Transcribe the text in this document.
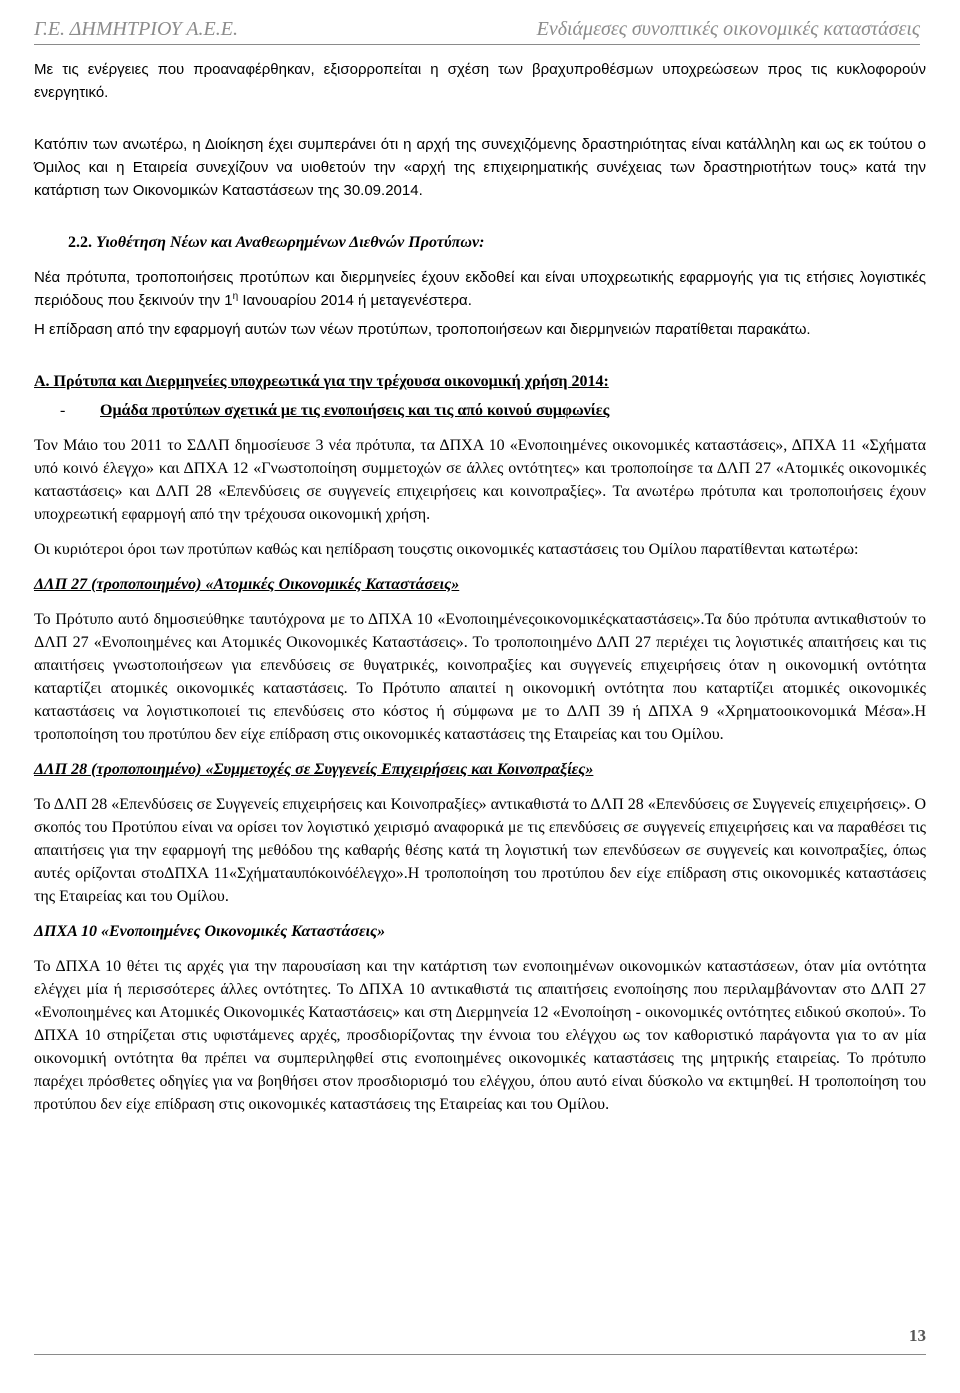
Γ.Ε. ΔΗΜΗΤΡΙΟΥ Α.Ε.Ε.	Ενδιάμεσες συνοπτικές οικονομικές καταστάσεις

Με τις ενέργειες που προαναφέρθηκαν, εξισορροπείται η σχέση των βραχυπροθέσμων υποχρεώσεων προς τις κυκλοφορούν ενεργητικό.

Κατόπιν των ανωτέρω, η Διοίκηση έχει συμπεράνει ότι η αρχή της συνεχιζόμενης δραστηριότητας είναι κατάλληλη και ως εκ τούτου ο Όμιλος και η Εταιρεία συνεχίζουν να υιοθετούν την «αρχή της επιχειρηματικής συνέχειας των δραστηριοτήτων τους» κατά την κατάρτιση των Οικονομικών Καταστάσεων της 30.09.2014.

2.2. Υιοθέτηση Νέων και Αναθεωρημένων Διεθνών Προτύπων:

Νέα πρότυπα, τροποποιήσεις προτύπων και διερμηνείες έχουν εκδοθεί και είναι υποχρεωτικής εφαρμογής για τις ετήσιες λογιστικές περιόδους που ξεκινούν την $1^\eta$ Ιανουαρίου 2014 ή μεταγενέστερα.

Η επίδραση από την εφαρμογή αυτών των νέων προτύπων, τροποποιήσεων και διερμηνειών παρατίθεται παρακάτω.

Α. Πρότυπα και Διερμηνείες υποχρεωτικά για την τρέχουσα οικονομική χρήση 2014:

- Ομάδα προτύπων σχετικά με τις ενοποιήσεις και τις από κοινού συμφωνίες

Τον Μάιο του 2011 το ΣΔΛΠ δημοσίευσε 3 νέα πρότυπα, τα ΔΠΧΑ 10 «Ενοποιημένες οικονομικές καταστάσεις», ΔΠΧΑ 11 «Σχήματα υπό κοινό έλεγχο» και ΔΠΧΑ 12 «Γνωστοποίηση συμμετοχών σε άλλες οντότητες» και τροποποίησε τα ΔΛΠ 27 «Ατομικές οικονομικές καταστάσεις» και ΔΛΠ 28 «Επενδύσεις σε συγγενείς επιχειρήσεις και κοινοπραξίες». Τα ανωτέρω πρότυπα και τροποποιήσεις έχουν υποχρεωτική εφαρμογή από την τρέχουσα οικονομική χρήση.

Οι κυριότεροι όροι των προτύπων καθώς και ηεπίδραση τουςστις οικονομικές καταστάσεις του Ομίλου παρατίθενται κατωτέρω:

ΔΛΠ 27 (τροποποιημένο) «Ατομικές Οικονομικές Καταστάσεις»

Το Πρότυπο αυτό δημοσιεύθηκε ταυτόχρονα με το ΔΠΧΑ 10 «Ενοποιημένεςοικονομικέςκαταστάσεις».Τα δύο πρότυπα αντικαθιστούν το ΔΛΠ 27 «Ενοποιημένες και Ατομικές Οικονομικές Καταστάσεις». Το τροποποιημένο ΔΛΠ 27 περιέχει τις λογιστικές απαιτήσεις και τις απαιτήσεις γνωστοποιήσεων για επενδύσεις σε θυγατρικές, κοινοπραξίες και συγγενείς επιχειρήσεις όταν η οικονομική οντότητα καταρτίζει ατομικές οικονομικές καταστάσεις. Το Πρότυπο απαιτεί η οικονομική οντότητα που καταρτίζει ατομικές οικονομικές καταστάσεις να λογιστικοποιεί τις επενδύσεις στο κόστος ή σύμφωνα με το ΔΛΠ 39 ή ΔΠΧΑ 9 «Χρηματοοικονομικά Μέσα».Η τροποποίηση του προτύπου δεν είχε επίδραση στις οικονομικές καταστάσεις της Εταιρείας και του Ομίλου.

ΔΛΠ 28 (τροποποιημένο) «Συμμετοχές σε Συγγενείς Επιχειρήσεις και Κοινοπραξίες»

Το ΔΛΠ 28 «Επενδύσεις σε Συγγενείς επιχειρήσεις και Κοινοπραξίες» αντικαθιστά το ΔΛΠ 28 «Επενδύσεις σε Συγγενείς επιχειρήσεις». Ο σκοπός του Προτύπου είναι να ορίσει τον λογιστικό χειρισμό αναφορικά με τις επενδύσεις σε συγγενείς επιχειρήσεις και να παραθέσει τις απαιτήσεις για την εφαρμογή της μεθόδου της καθαρής θέσης κατά τη λογιστική των επενδύσεων σε συγγενείς και κοινοπραξίες, όπως αυτές ορίζονται στοΔΠΧΑ 11«Σχήματαυπόκοινόέλεγχο».Η τροποποίηση του προτύπου δεν είχε επίδραση στις οικονομικές καταστάσεις της Εταιρείας και του Ομίλου.

ΔΠΧΑ 10 «Ενοποιημένες Οικονομικές Καταστάσεις»

Το ΔΠΧΑ 10 θέτει τις αρχές για την παρουσίαση και την κατάρτιση των ενοποιημένων οικονομικών καταστάσεων, όταν μία οντότητα ελέγχει μία ή περισσότερες άλλες οντότητες. Το ΔΠΧΑ 10 αντικαθιστά τις απαιτήσεις ενοποίησης που περιλαμβάνονταν στο ΔΛΠ 27 «Ενοποιημένες και Ατομικές Οικονομικές Καταστάσεις» και στη Διερμηνεία 12 «Ενοποίηση - οικονομικές οντότητες ειδικού σκοπού». Το ΔΠΧΑ 10 στηρίζεται στις υφιστάμενες αρχές, προσδιορίζοντας την έννοια του ελέγχου ως τον καθοριστικό παράγοντα για το αν μία οικονομική οντότητα θα πρέπει να συμπεριληφθεί στις ενοποιημένες οικονομικές καταστάσεις της μητρικής εταιρείας. Το πρότυπο παρέχει πρόσθετες οδηγίες για να βοηθήσει στον προσδιορισμό του ελέγχου, όπου αυτό είναι δύσκολο να εκτιμηθεί. Η τροποποίηση του προτύπου δεν είχε επίδραση στις οικονομικές καταστάσεις της Εταιρείας και του Ομίλου.

13
